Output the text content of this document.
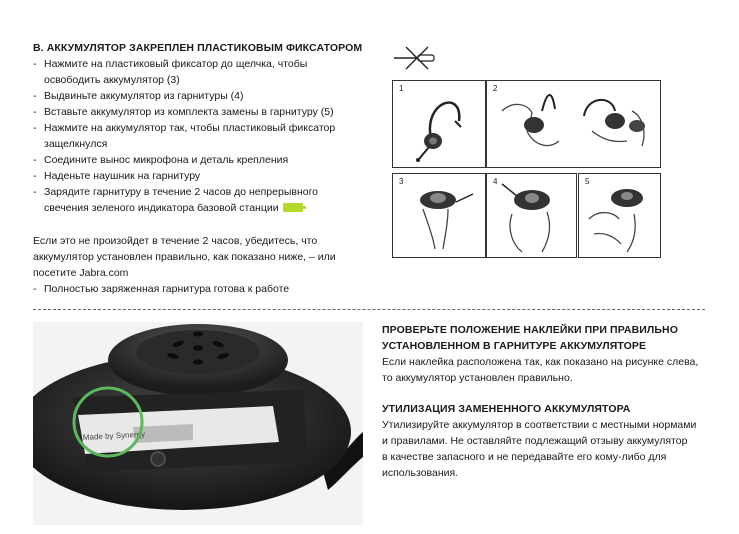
B. АККУМУЛЯТОР ЗАКРЕПЛЕН ПЛАСТИКОВЫМ ФИКСАТОРОМ
- Нажмите на пластиковый фиксатор до щелчка, чтобы освободить аккумулятор (3)
- Выдвиньте аккумулятор из гарнитуры (4)
- Вставьте аккумулятор из комплекта замены в гарнитуру (5)
- Нажмите на аккумулятор так, чтобы пластиковый фиксатор защелкнулся
- Соедините вынос микрофона и деталь крепления
- Наденьте наушник на гарнитуру
- Зарядите гарнитуру в течение 2 часов до непрерывного свечения зеленого индикатора базовой станции
Если это не произойдет в течение 2 часов, убедитесь, что аккумулятор установлен правильно, как показано ниже, – или посетите Jabra.com
- Полностью заряженная гарнитура готова к работе
1	2
3	4	5
Made by Synergy
ПРОВЕРЬТЕ ПОЛОЖЕНИЕ НАКЛЕЙКИ ПРИ ПРАВИЛЬНО
УСТАНОВЛЕННОМ В ГАРНИТУРЕ АККУМУЛЯТОРЕ
Если наклейка расположена так, как показано на рисунке слева,
то аккумулятор установлен правильно.
УТИЛИЗАЦИЯ ЗАМЕНЕННОГО АККУМУЛЯТОРА
Утилизируйте аккумулятор в соответствии с местными нормами
и правилами. Не оставляйте подлежащий отзыву аккумулятор
в качестве запасного и не передавайте его кому-либо для
использования.
